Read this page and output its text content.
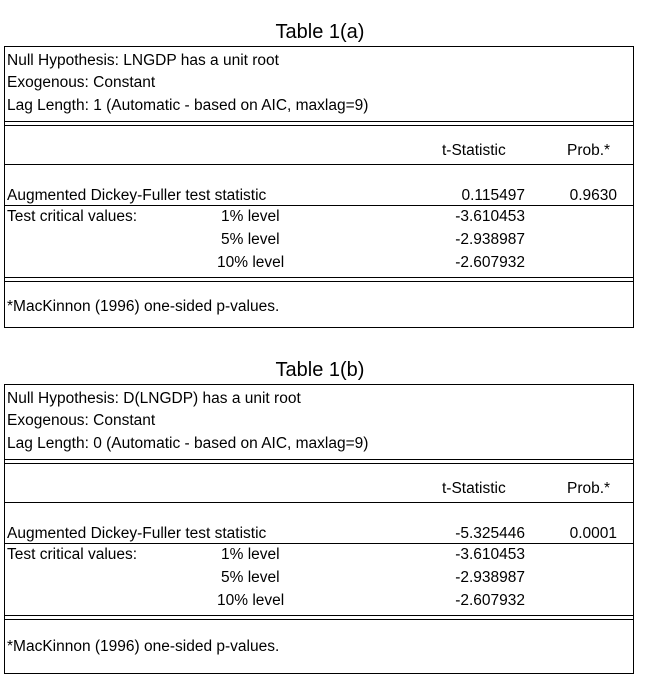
Table 1(a)
Null Hypothesis: LNGDP has a unit root
Exogenous: Constant
Lag Length: 1 (Automatic - based on AIC, maxlag=9)
t-Statistic	Prob.*
Augmented Dickey-Fuller test statistic	0.115497	0.9630
Test critical values:	1% level	-3.610453
5% level	-2.938987
10% level	-2.607932
*MacKinnon (1996) one-sided p-values.
Table 1(b)
Null Hypothesis: D(LNGDP) has a unit root
Exogenous: Constant
Lag Length: 0 (Automatic - based on AIC, maxlag=9)
t-Statistic	Prob.*
Augmented Dickey-Fuller test statistic	-5.325446	0.0001
Test critical values:	1% level	-3.610453
5% level	-2.938987
10% level	-2.607932
*MacKinnon (1996) one-sided p-values.
